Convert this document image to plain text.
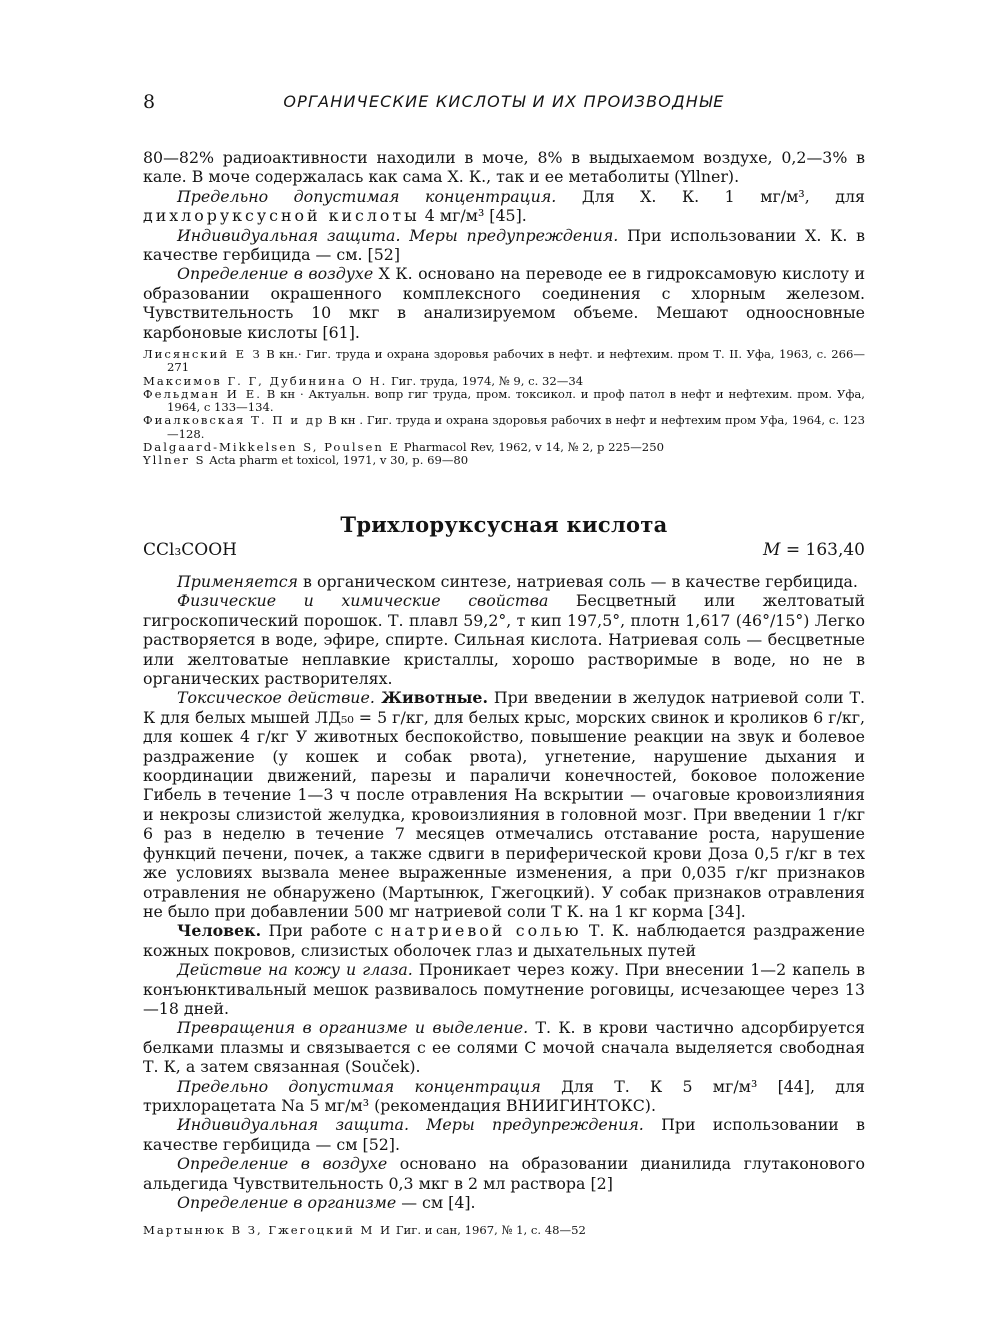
8	ОРГАНИЧЕСКИЕ КИСЛОТЫ И ИХ ПРОИЗВОДНЫЕ

80—82% радиоактивности находили в моче, 8% в выдыхаемом воздухе, 0,2—3% в кале. В моче содержалась как сама Х. К., так и ее метаболиты (Yllner).

Предельно допустимая концентрация. Для Х. К. 1 мг/м³, для дихлоруксусной кислоты 4 мг/м³ [45].

Индивидуальная защита. Меры предупреждения. При использовании Х. К. в качестве гербицида — см. [52]

Определение в воздухе Х К. основано на переводе ее в гидроксамовую кислоту и образовании окрашенного комплексного соединения с хлорным железом. Чувствительность 10 мкг в анализируемом объеме. Мешают одноосновные карбоновые кислоты [61].

Лисянский Е З В кн.· Гиг. труда и охрана здоровья рабочих в нефт. и нефтехим. пром Т. II. Уфа, 1963, с. 266—271

Максимов Г. Г, Дубинина О Н. Гиг. труда, 1974, № 9, с. 32—34

Фельдман И Е. В кн · Актуальн. вопр гиг труда, пром. токсикол. и проф патол в нефт и нефтехим. пром. Уфа, 1964, с 133—134.

Фиалковская Т. П и др В кн . Гиг. труда и охрана здоровья рабочих в нефт и нефтехим пром Уфа, 1964, с. 123—128.

Dalgaard-Mikkelsen S, Poulsen E Pharmacol Rev, 1962, v 14, № 2, p 225—250

Yllner S Acta pharm et toxicol, 1971, v 30, p. 69—80

Трихлоруксусная кислота
CCl₃COOH	M = 163,40

Применяется в органическом синтезе, натриевая соль — в качестве гербицида.

Физические и химические свойства Бесцветный или желтоватый гигроскопический порошок. Т. плавл 59,2°, т кип 197,5°, плотн 1,617 (46°/15°) Легко растворяется в воде, эфире, спирте. Сильная кислота. Натриевая соль — бесцветные или желтоватые неплавкие кристаллы, хорошо растворимые в воде, но не в органических растворителях.

Токсическое действие. Животные. При введении в желудок натриевой соли Т. К для белых мышей ЛД₅₀ = 5 г/кг, для белых крыс, морских свинок и кроликов 6 г/кг, для кошек 4 г/кг У животных беспокойство, повышение реакции на звук и болевое раздражение (у кошек и собак рвота), угнетение, нарушение дыхания и координации движений, парезы и параличи конечностей, боковое положение Гибель в течение 1—3 ч после отравления На вскрытии — очаговые кровоизлияния и некрозы слизистой желудка, кровоизлияния в головной мозг. При введении 1 г/кг 6 раз в неделю в течение 7 месяцев отмечались отставание роста, нарушение функций печени, почек, а также сдвиги в периферической крови Доза 0,5 г/кг в тех же условиях вызвала менее выраженные изменения, а при 0,035 г/кг признаков отравления не обнаружено (Мартынюк, Гжегоцкий). У собак признаков отравления не было при добавлении 500 мг натриевой соли Т К. на 1 кг корма [34].

Человек. При работе с натриевой солью Т. К. наблюдается раздражение кожных покровов, слизистых оболочек глаз и дыхательных путей

Действие на кожу и глаза. Проникает через кожу. При внесении 1—2 капель в конъюнктивальный мешок развивалось помутнение роговицы, исчезающее через 13—18 дней.

Превращения в организме и выделение. Т. К. в крови частично адсорбируется белками плазмы и связывается с ее солями С мочой сначала выделяется свободная Т. К, а затем связанная (Souček).

Предельно допустимая концентрация Для Т. К 5 мг/м³ [44], для трихлорацетата Na 5 мг/м³ (рекомендация ВНИИГИНТОКС).

Индивидуальная защита. Меры предупреждения. При использовании в качестве гербицида — см [52].

Определение в воздухе основано на образовании дианилида глутаконового альдегида Чувствительность 0,3 мкг в 2 мл раствора [2]

Определение в организме — см [4].

Мартынюк В З, Гжегоцкий М И Гиг. и сан, 1967, № 1, с. 48—52
